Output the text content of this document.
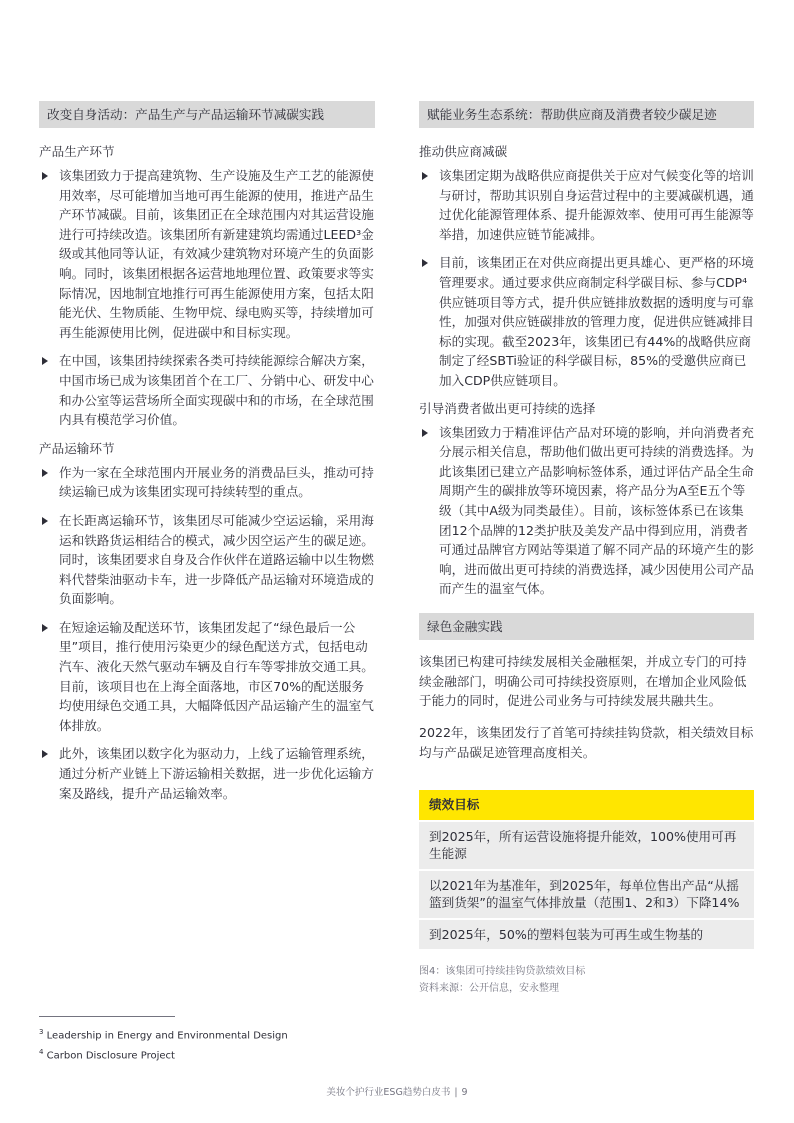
改变自身活动：产品生产与产品运输环节减碳实践

产品生产环节

该集团致力于提高建筑物、生产设施及生产工艺的能源使用效率，尽可能增加当地可再生能源的使用，推进产品生产环节减碳。目前，该集团正在全球范围内对其运营设施进行可持续改造。该集团所有新建建筑均需通过LEED³金级或其他同等认证，有效减少建筑物对环境产生的负面影响。同时，该集团根据各运营地地理位置、政策要求等实际情况，因地制宜地推行可再生能源使用方案，包括太阳能光伏、生物质能、生物甲烷、绿电购买等，持续增加可再生能源使用比例，促进碳中和目标实现。
在中国，该集团持续探索各类可持续能源综合解决方案，中国市场已成为该集团首个在工厂、分销中心、研发中心和办公室等运营场所全面实现碳中和的市场，在全球范围内具有模范学习价值。

产品运输环节

作为一家在全球范围内开展业务的消费品巨头，推动可持续运输已成为该集团实现可持续转型的重点。
在长距离运输环节，该集团尽可能减少空运运输，采用海运和铁路货运相结合的模式，减少因空运产生的碳足迹。同时，该集团要求自身及合作伙伴在道路运输中以生物燃料代替柴油驱动卡车，进一步降低产品运输对环境造成的负面影响。
在短途运输及配送环节，该集团发起了“绿色最后一公里”项目，推行使用污染更少的绿色配送方式，包括电动汽车、液化天然气驱动车辆及自行车等零排放交通工具。目前，该项目也在上海全面落地，市区70%的配送服务均使用绿色交通工具，大幅降低因产品运输产生的温室气体排放。
此外，该集团以数字化为驱动力，上线了运输管理系统，通过分析产业链上下游运输相关数据，进一步优化运输方案及路线，提升产品运输效率。
赋能业务生态系统：帮助供应商及消费者较少碳足迹

推动供应商减碳

该集团定期为战略供应商提供关于应对气候变化等的培训与研讨，帮助其识别自身运营过程中的主要减碳机遇，通过优化能源管理体系、提升能源效率、使用可再生能源等举措，加速供应链节能减排。
目前，该集团正在对供应商提出更具雄心、更严格的环境管理要求。通过要求供应商制定科学碳目标、参与CDP⁴供应链项目等方式，提升供应链排放数据的透明度与可靠性，加强对供应链碳排放的管理力度，促进供应链减排目标的实现。截至2023年，该集团已有44%的战略供应商制定了经SBTi验证的科学碳目标，85%的受邀供应商已加入CDP供应链项目。

引导消费者做出更可持续的选择

该集团致力于精准评估产品对环境的影响，并向消费者充分展示相关信息，帮助他们做出更可持续的消费选择。为此该集团已建立产品影响标签体系，通过评估产品全生命周期产生的碳排放等环境因素，将产品分为A至E五个等级（其中A级为同类最佳）。目前，该标签体系已在该集团12个品牌的12类护肤及美发产品中得到应用，消费者可通过品牌官方网站等渠道了解不同产品的环境产生的影响，进而做出更可持续的消费选择，减少因使用公司产品而产生的温室气体。
绿色金融实践

该集团已构建可持续发展相关金融框架，并成立专门的可持续金融部门，明确公司可持续投资原则，在增加企业风险低于能力的同时，促进公司业务与可持续发展共融共生。

2022年，该集团发行了首笔可持续挂钩贷款，相关绩效目标均与产品碳足迹管理高度相关。

绩效目标
到2025年，所有运营设施将提升能效，100%使用可再生能源
以2021年为基准年，到2025年，每单位售出产品“从摇篮到货架”的温室气体排放量（范围1、2和3）下降14%
到2025年，50%的塑料包装为可再生或生物基的
图4：该集团可持续挂钩贷款绩效目标
资料来源：公开信息，安永整理
$^3$ Leadership in Energy and Environmental Design
$^4$ Carbon Disclosure Project
美妆个护行业ESG趋势白皮书 | 9
